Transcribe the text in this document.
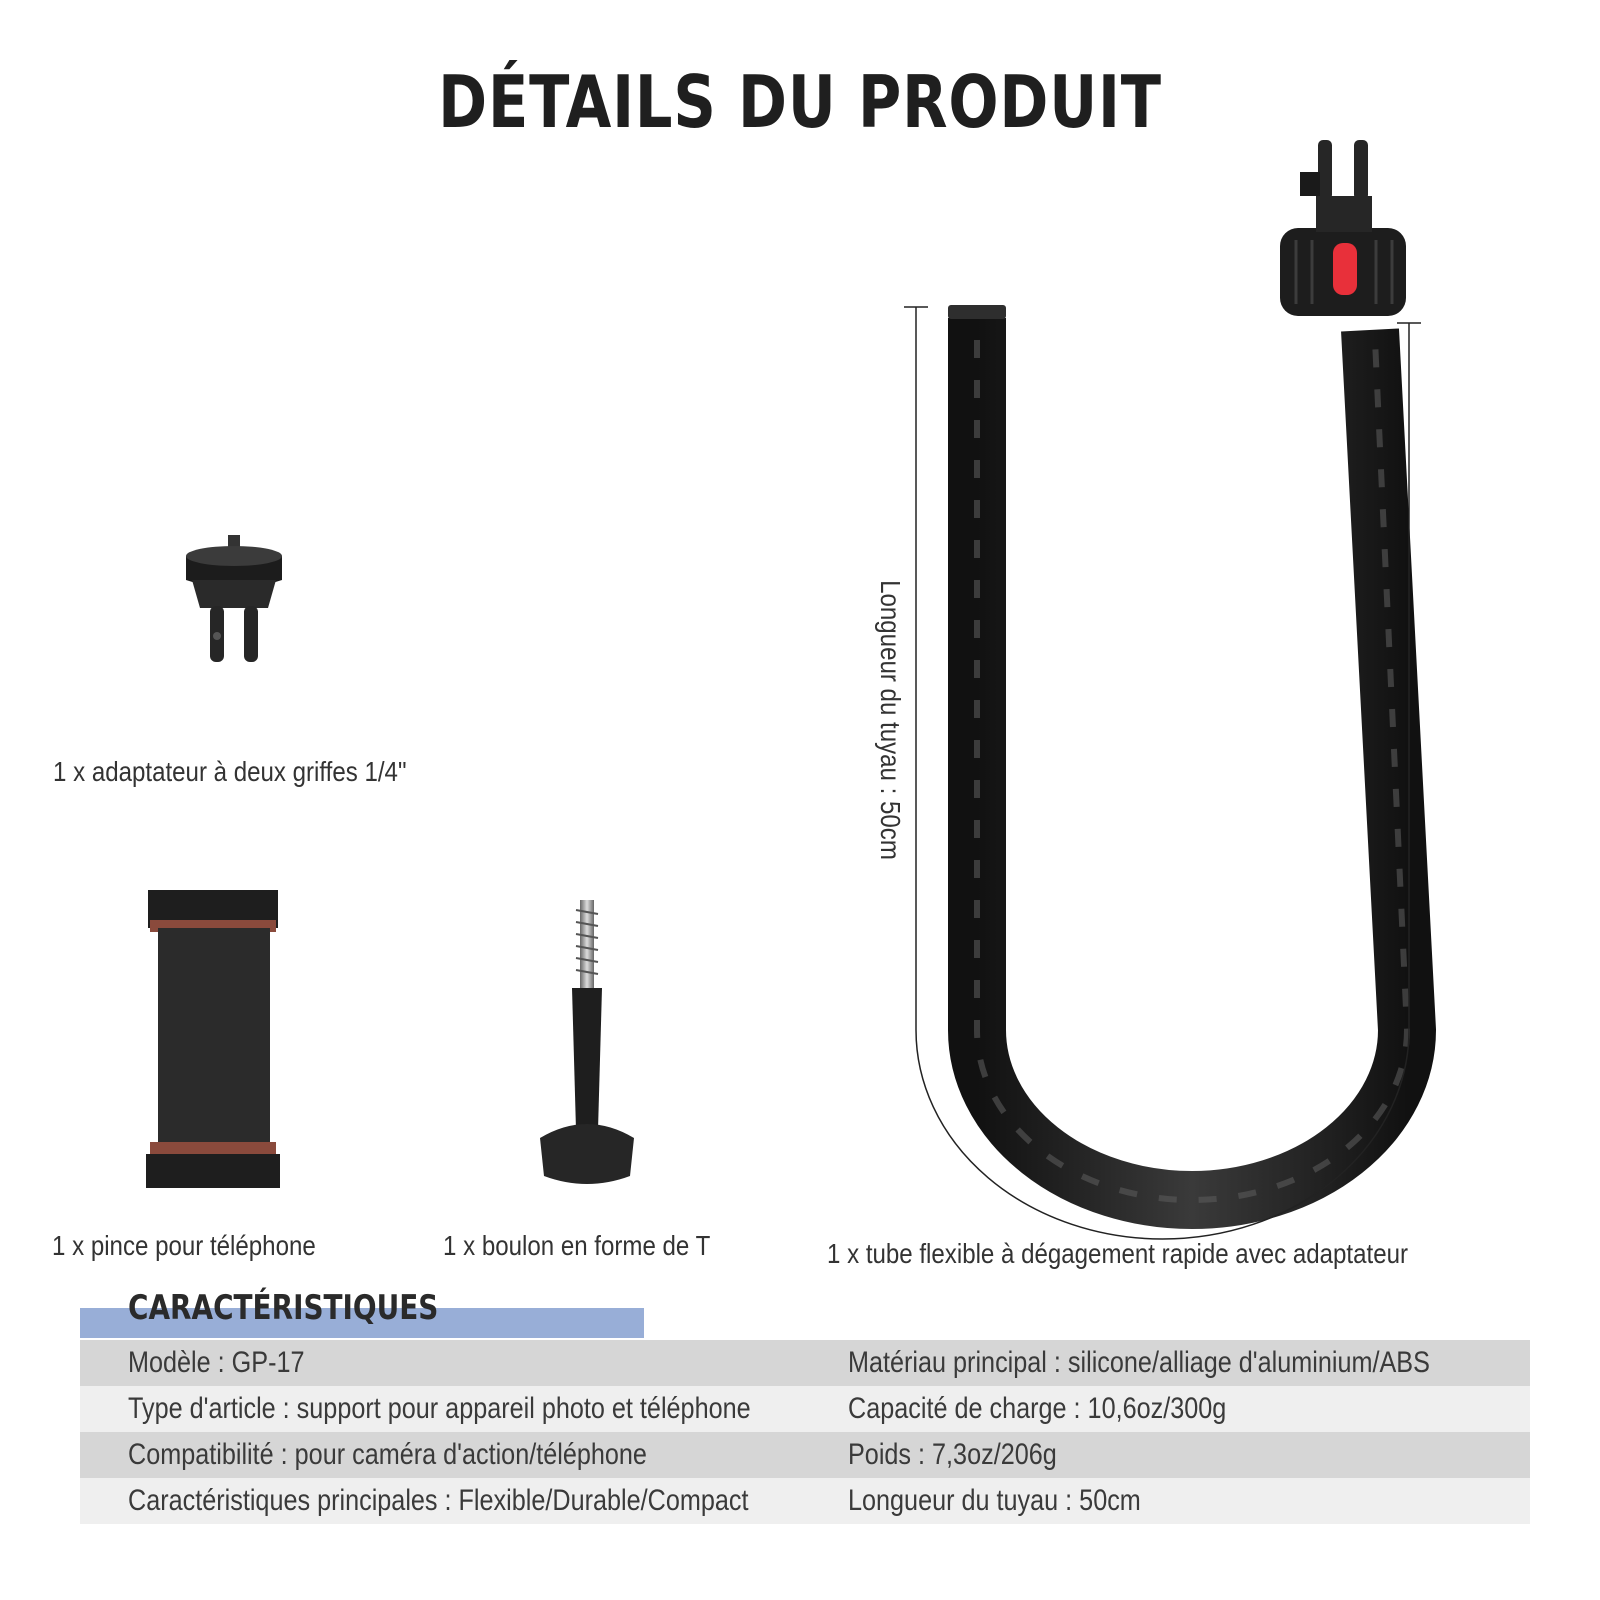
DÉTAILS DU PRODUIT
1 x adaptateur à deux griffes 1/4"
1 x pince pour téléphone	1 x boulon en forme de T	1 x tube flexible à dégagement rapide avec adaptateur
Longueur du tuyau : 50cm
CARACTÉRISTIQUES
Modèle : GP-17	Matériau principal : silicone/alliage d'aluminium/ABS
Type d'article : support pour appareil photo et téléphone	Capacité de charge : 10,6oz/300g
Compatibilité : pour caméra d'action/téléphone	Poids : 7,3oz/206g
Caractéristiques principales : Flexible/Durable/Compact	Longueur du tuyau : 50cm
